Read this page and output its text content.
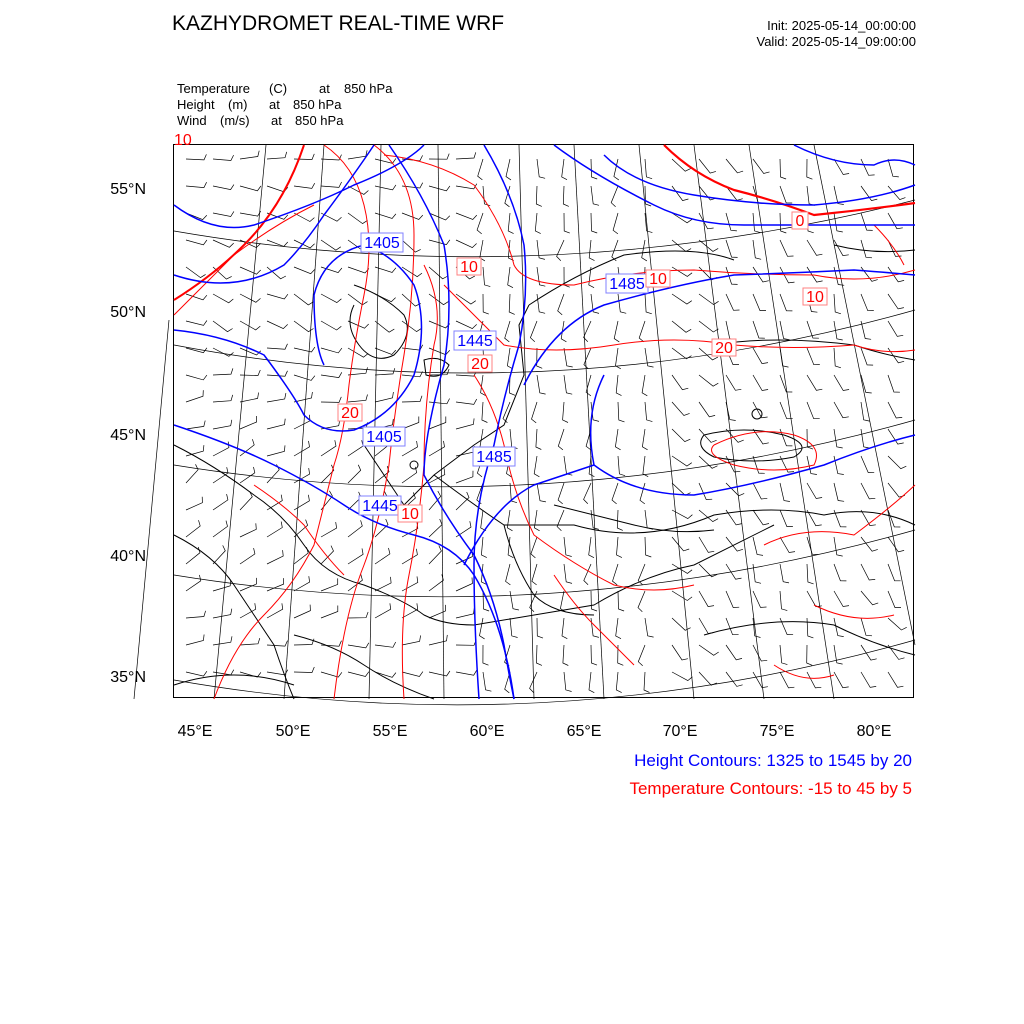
KAZHYDROMET REAL-TIME WRF	Init: 2025-05-14_00:00:00
Valid: 2025-05-14_09:00:00
Temperature (C) at 850 hPa
Height (m) at 850 hPa
Wind (m/s) at 850 hPa
1405
1445
1405
1485
1445
1485
0
10
10
20
20
10
20
10
10
55°N
50°N
45°N
40°N
35°N
45°E	50°E	55°E	60°E	65°E	70°E	75°E	80°E
Height Contours: 1325 to 1545 by 20
Temperature Contours: -15 to 45 by 5
